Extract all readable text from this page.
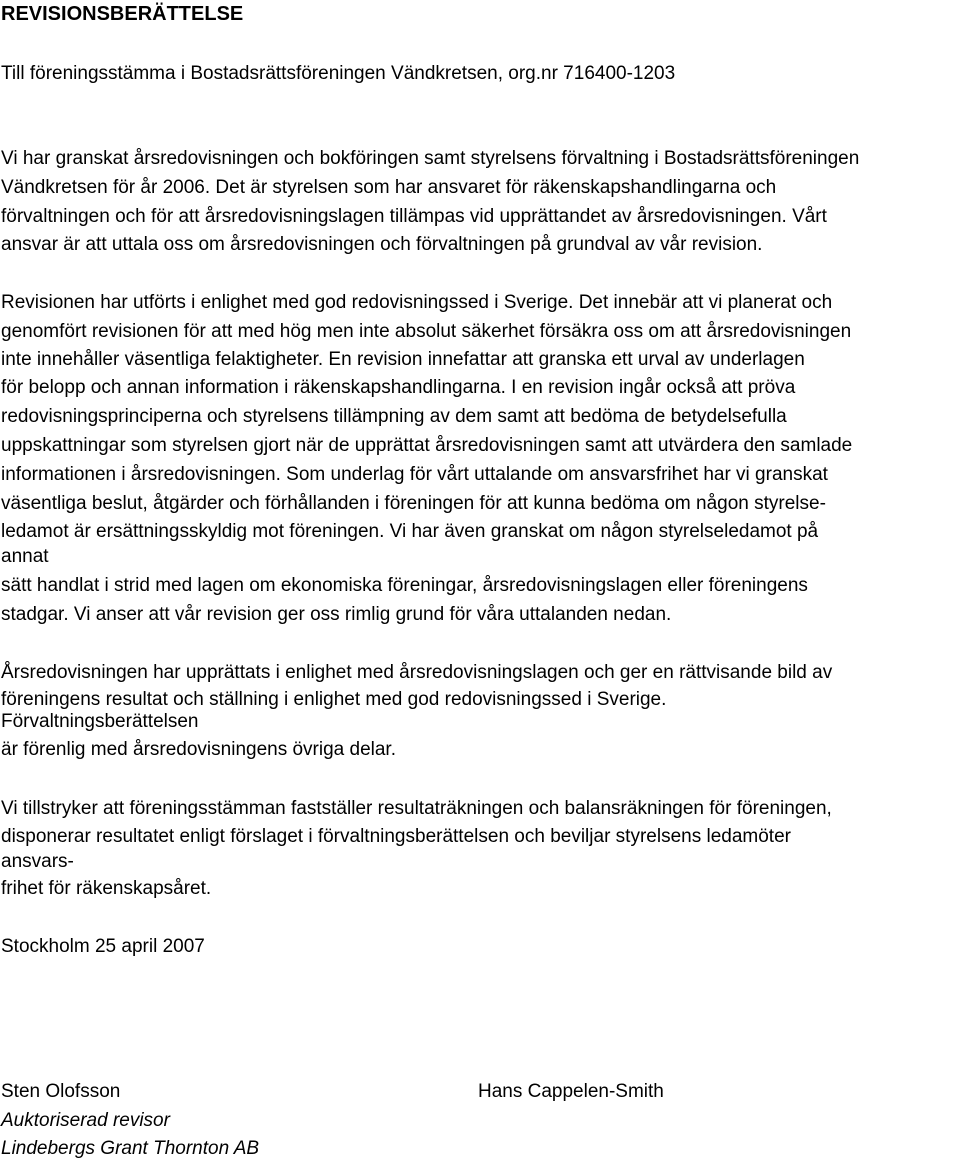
REVISIONSBERÄTTELSE
Till föreningsstämma i Bostadsrättsföreningen Vändkretsen, org.nr 716400-1203
Vi har granskat årsredovisningen och bokföringen samt styrelsens förvaltning i Bostadsrättsföreningen
Vändkretsen för år 2006. Det är styrelsen som har ansvaret för räkenskapshandlingarna och
förvaltningen och för att årsredovisningslagen tillämpas vid upprättandet av årsredovisningen. Vårt
ansvar är att uttala oss om årsredovisningen och förvaltningen på grundval av vår revision.
Revisionen har utförts i enlighet med god redovisningssed i Sverige. Det innebär att vi planerat och
genomfört revisionen för att med hög men inte absolut säkerhet försäkra oss om att årsredovisningen
inte innehåller väsentliga felaktigheter. En revision innefattar att granska ett urval av underlagen
för belopp och annan information i räkenskapshandlingarna. I en revision ingår också att pröva
redovisningsprinciperna och styrelsens tillämpning av dem samt att bedöma de betydelsefulla
uppskattningar som styrelsen gjort när de upprättat årsredovisningen samt att utvärdera den samlade
informationen i årsredovisningen. Som underlag för vårt uttalande om ansvarsfrihet har vi granskat
väsentliga beslut, åtgärder och förhållanden i föreningen för att kunna bedöma om någon styrelse-
ledamot är ersättningsskyldig mot föreningen. Vi har även granskat om någon styrelseledamot på
annat
sätt handlat i strid med lagen om ekonomiska föreningar, årsredovisningslagen eller föreningens
stadgar. Vi anser att vår revision ger oss rimlig grund för våra uttalanden nedan.
Årsredovisningen har upprättats i enlighet med årsredovisningslagen och ger en rättvisande bild av
föreningens resultat och ställning i enlighet med god redovisningssed i Sverige.
Förvaltningsberättelsen
är förenlig med årsredovisningens övriga delar.
Vi tillstryker att föreningsstämman fastställer resultaträkningen och balansräkningen för föreningen,
disponerar resultatet enligt förslaget i förvaltningsberättelsen och beviljar styrelsens ledamöter
ansvars-
frihet för räkenskapsåret.
Stockholm 25 april 2007
Sten Olofsson
Auktoriserad revisor
Lindebergs Grant Thornton AB
Hans Cappelen-Smith
